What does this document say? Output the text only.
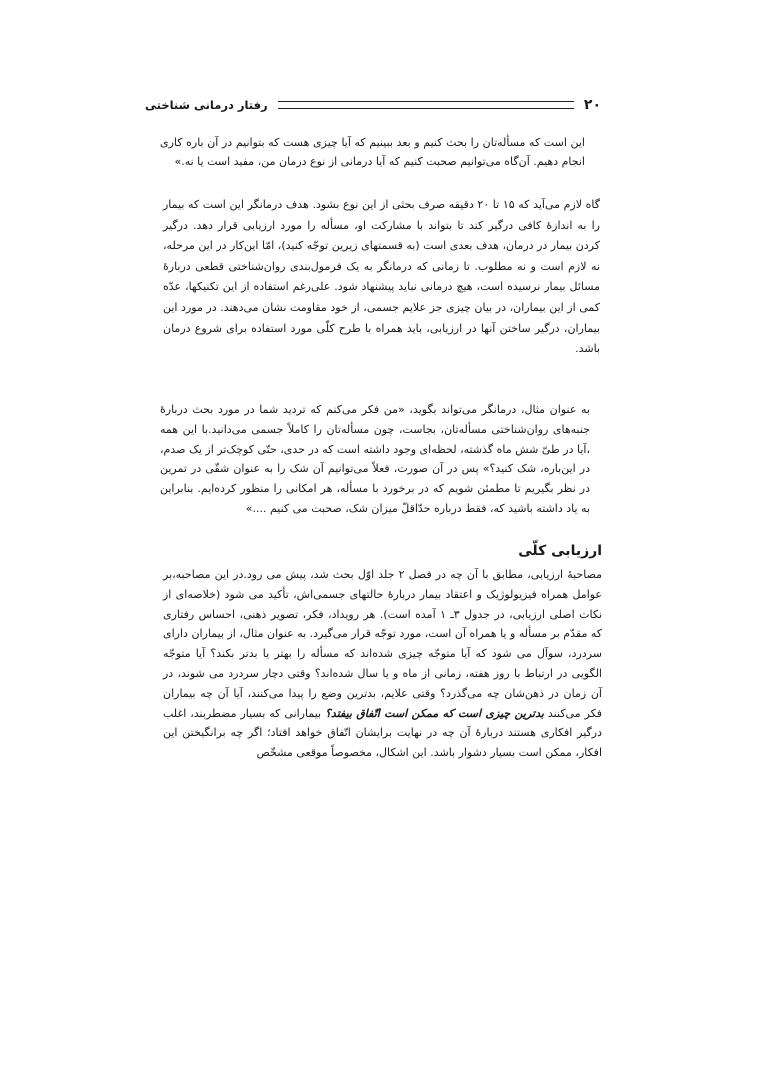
۲۰
رفتار درمانی شناختی

این است که مسأله‌تان را بحث کنیم و بعد ببینیم که آیا چیزی هست که بتوانیم در آن باره کاری انجام دهیم. آن‌گاه می‌توانیم صحبت کنیم که آیا درمانی از نوع درمان من، مفید است یا نه.»

گاه لازم می‌آید که ۱۵ تا ۲۰ دقیقه صرف بحثی از این نوع بشود. هدف درمانگر این است که بیمار را به اندازهٔ کافی درگیر کند تا بتواند با مشارکت او، مسأله را مورد ارزیابی قرار دهد. درگیر کردن بیمار در درمان، هدف بعدی است (به قسمتهای زیرین توجّه کنید)، امّا این‌کار در این مرحله، نه لازم است و نه مطلوب. تا زمانی که درمانگر به یک فرمول‌بندی روان‌شناختی قطعی دربارهٔ مسائل بیمار نرسیده است، هیچ درمانی نباید پیشنهاد شود. علی‌رغم استفاده از این تکنیکها، عدّه کمی از این بیماران، در بیان چیزی جز علایم جسمی، از خود مقاومت نشان می‌دهند. در مورد این بیماران، درگیر ساختن آنها در ارزیابی، باید همراه با طرح کلّی مورد استفاده برای شروع درمان باشد.

به عنوان مثال، درمانگر می‌تواند بگوید، «من فکر می‌کنم که تردید شما در مورد بحث دربارهٔ جنبه‌های روان‌شناختی مسأله‌تان، بجاست، چون مسأله‌تان را کاملاً جسمی می‌دانید.با این همه ،آیا در طیّ شش ماه گذشته، لحظه‌ای وجود داشته است که در حدی، حتّی کوچک‌تر از یک صدم، در این‌باره، شک کنید؟» پس در آن صورت، فعلاً می‌توانیم آن شک را به عنوان شقّی در تمرین در نظر بگیریم تا مطمئن شویم که در برخورد با مسأله، هر امکانی را منظور کرده‌ایم. بنابراین به یاد داشته باشید که، فقط درباره حدّاقلّ میزان شک، صحبت می کنیم ....»

ارزیابی کلّی

مصاحبهٔ ارزیابی، مطابق با آن چه در فصل ۲ جلد اوّل بحث شد، پیش می رود.در این مصاحبه،بر عوامل همراه فیزیولوژیک و اعتقاد بیمار دربارهٔ حالتهای جسمی‌اش، تأکید می شود (خلاصه‌ای از نکات اصلی ارزیابی، در جدول ۳ـ ۱ آمده است). هر رویداد، فکر، تصویر ذهنی، احساس رفتاری که مقدّم بر مسأله و یا همراه آن است، مورد توجّه قرار می‌گیرد. به عنوان مثال، از بیماران دارای سردرد، سوآل می شود که آیا متوجّه چیزی شده‌اند که مسأله را بهتر یا بدتر بکند؟ آیا متوجّه الگویی در ارتباط با روز هفته، زمانی از ماه و یا سال شده‌اند؟ وقتی دچار سردرد می شوند، در آن زمان در ذهن‌شان چه می‌گذرد؟ وقتی علایم، بدترین وضع را پیدا می‌کنند، آیا آن چه بیماران فکر می‌کنند بدترین چیزی است که ممکن است اتّفاق بیفتد؟ بیمارانی که بسیار مضطربند، اغلب درگیر افکاری هستند دربارهٔ آن چه در نهایت برایشان اتّفاق خواهد افتاد؛ اگر چه برانگیختن این افکار، ممکن است بسیار دشوار باشد. این اشکال، مخصوصاً موقعی مشخّص
